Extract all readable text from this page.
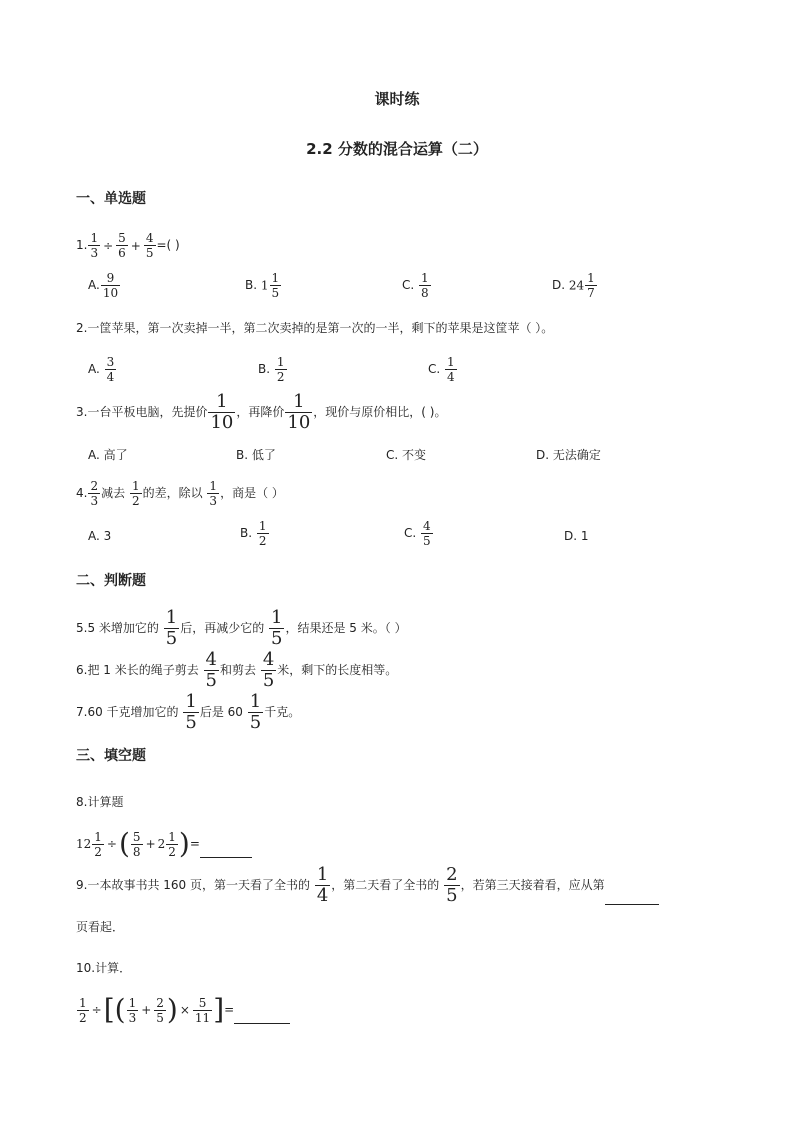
课时练
2.2 分数的混合运算（二）
一、单选题
1. $\frac{1}{3} \div \frac{5}{6} + \frac{4}{5}$ =( )
A. $\frac{9}{10}$	B. $1 \frac{1}{5}$	C. $\frac{1}{8}$	D. $24 \frac{1}{7}$
2.一筐苹果，第一次卖掉一半，第二次卖掉的是第一次的一半，剩下的苹果是这筐苹（ ）。
A. $\frac{3}{4}$	B. $\frac{1}{2}$	C. $\frac{1}{4}$
3.一台平板电脑，先提价 $\frac{1}{10}$ ，再降价 $\frac{1}{10}$ ，现价与原价相比，( )。
A. 高了	B. 低了	C. 不变	D. 无法确定
4. $\frac{2}{3}$ 减去 $\frac{1}{2}$ 的差，除以 $\frac{1}{3}$ ，商是（ ）
A. 3	B. $\frac{1}{2}$	C. $\frac{4}{5}$	D. 1
二、判断题
5.5 米增加它的 $\frac{1}{5}$ 后，再减少它的 $\frac{1}{5}$ ，结果还是 5 米。（ ）
6.把 1 米长的绳子剪去 $\frac{4}{5}$ 和剪去 $\frac{4}{5}$ 米，剩下的长度相等。
7.60 千克增加它的 $\frac{1}{5}$ 后是 $60 \frac{1}{5}$ 千克。
三、填空题
8.计算题
$12 \frac{1}{2}$ ÷( $\frac{5}{8} + 2 \frac{1}{2}$ )=
9.一本故事书共 160 页，第一天看了全书的 $\frac{1}{4}$ ，第二天看了全书的 $\frac{2}{5}$ ，若第三天接着看，应从第
页看起．
10.计算．
$\frac{1}{2}$ ÷[( $\frac{1}{3} + \frac{2}{5}$ ) × $\frac{5}{11}$ ]=
